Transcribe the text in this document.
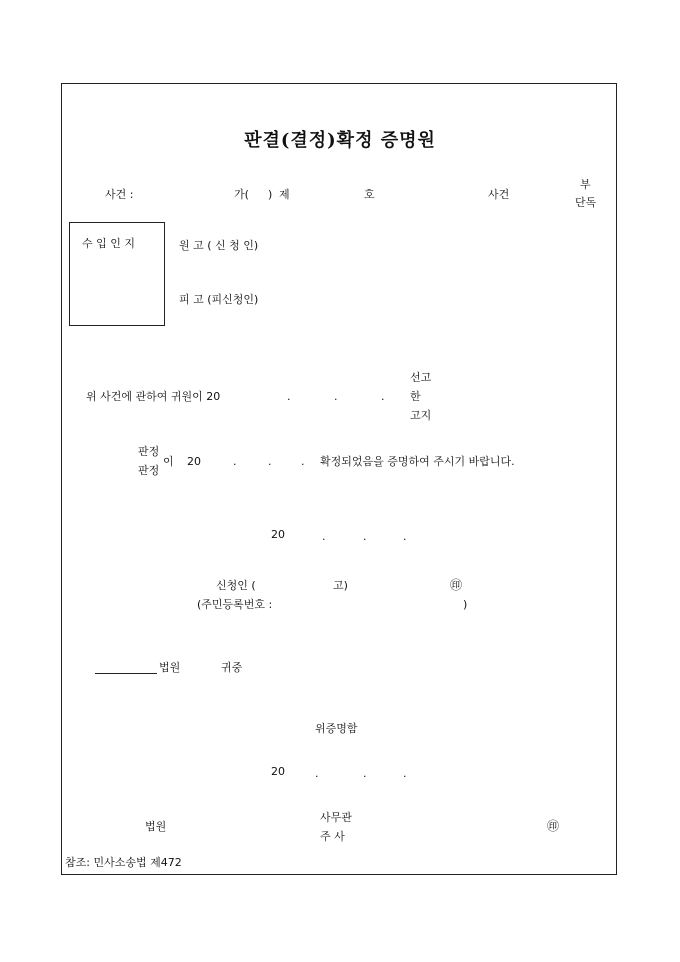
판결(결정)확정 증명원
사건 :	가( ) 제	호	사건
부
단독
수 입 인 지	원 고 ( 신 청 인)
피 고 (피신청인)
위 사건에 관하여 귀원이 20	.	.	.
선고
한
고지
판정
판정
이 20	.	.	. 확정되었음을 증명하여 주시기 바랍니다.
20	.	.	.
신청인 (	고)	㊞
(주민등록번호 :	)
법원	귀중
위증명함
20	.	.	.
법원
사무관
주 사
㊞
참조: 민사소송법 제472
